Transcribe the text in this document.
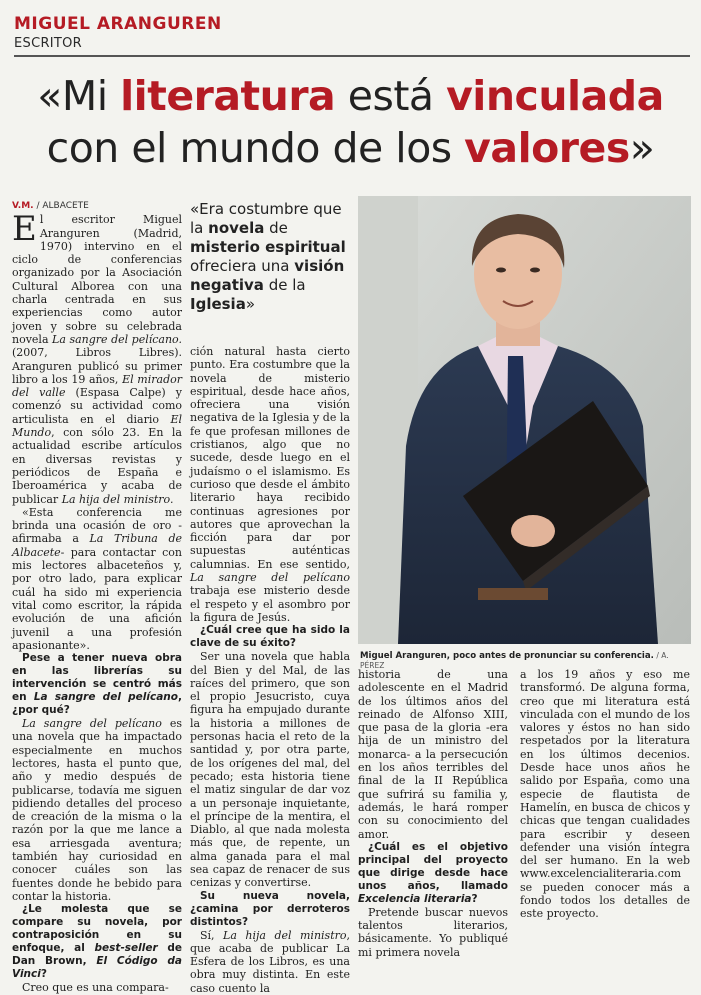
MIGUEL ARANGUREN
ESCRITOR
«Mi literatura está vinculada
con el mundo de los valores»
V.M. / ALBACETE

El escritor Miguel Aranguren (Madrid, 1970) intervino en el ciclo de conferencias organizado por la Asociación Cultural Alborea con una charla centrada en sus experiencias como autor joven y sobre su celebrada novela La sangre del pelícano. (2007, Libros Libres). Aranguren publicó su primer libro a los 19 años, El mirador del valle (Espasa Calpe) y comenzó su actividad como articulista en el diario El Mundo, con sólo 23. En la actualidad escribe artículos en diversas revistas y periódicos de España e Iberoamérica y acaba de publicar La hija del ministro.

«Esta conferencia me brinda una ocasión de oro -afirmaba a La Tribuna de Albacete- para contactar con mis lectores albaceteños y, por otro lado, para explicar cuál ha sido mi experiencia vital como escritor, la rápida evolución de una afición juvenil a una profesión apasionante».

Pese a tener nueva obra en las librerías su intervención se centró más en La sangre del pelícano, ¿por qué?

La sangre del pelícano es una novela que ha impactado especialmente en muchos lectores, hasta el punto que, año y medio después de publicarse, todavía me siguen pidiendo detalles del proceso de creación de la misma o la razón por la que me lance a esa arriesgada aventura; también hay curiosidad en conocer cuáles son las fuentes donde he bebido para contar la historia.

¿Le molesta que se compare su novela, por contraposición en su enfoque, al best-seller de Dan Brown, El Código da Vinci?

Creo que es una compara-

«Era costumbre que la novela de misterio espiritual ofreciera una visión negativa de la Iglesia»

ción natural hasta cierto punto. Era costumbre que la novela de misterio espiritual, desde hace años, ofreciera una visión negativa de la Iglesia y de la fe que profesan millones de cristianos, algo que no sucede, desde luego en el judaísmo o el islamismo. Es curioso que desde el ámbito literario haya recibido continuas agresiones por autores que aprovechan la ficción para dar por supuestas auténticas calumnias. En ese sentido, La sangre del pelícano trabaja ese misterio desde el respeto y el asombro por la figura de Jesús.

¿Cuál cree que ha sido la clave de su éxito?

Ser una novela que habla del Bien y del Mal, de las raíces del primero, que son el propio Jesucristo, cuya figura ha empujado durante la historia a millones de personas hacia el reto de la santidad y, por otra parte, de los orígenes del mal, del pecado; esta historia tiene el matiz singular de dar voz a un personaje inquietante, el príncipe de la mentira, el Diablo, al que nada molesta más que, de repente, un alma ganada para el mal sea capaz de renacer de sus cenizas y convertirse.

Su nueva novela, ¿camina por derroteros distintos?

Sí, La hija del ministro, que acaba de publicar La Esfera de los Libros, es una obra muy distinta. En este caso cuento la

Miguel Aranguren, poco antes de pronunciar su conferencia. / A. PÉREZ

historia de una adolescente en el Madrid de los últimos años del reinado de Alfonso XIII, que pasa de la gloria -era hija de un ministro del monarca- a la persecución en los años terribles del final de la II República que sufrirá su familia y, además, le hará romper con su conocimiento del amor.

¿Cuál es el objetivo principal del proyecto que dirige desde hace unos años, llamado Excelencia literaria?

Pretende buscar nuevos talentos literarios, básicamente. Yo publiqué mi primera novela

a los 19 años y eso me transformó. De alguna forma, creo que mi literatura está vinculada con el mundo de los valores y éstos no han sido respetados por la literatura en los últimos decenios. Desde hace unos años he salido por España, como una especie de flautista de Hamelín, en busca de chicos y chicas que tengan cualidades para escribir y deseen defender una visión íntegra del ser humano. En la web www.excelencialiteraria.com se pueden conocer más a fondo todos los detalles de este proyecto.
